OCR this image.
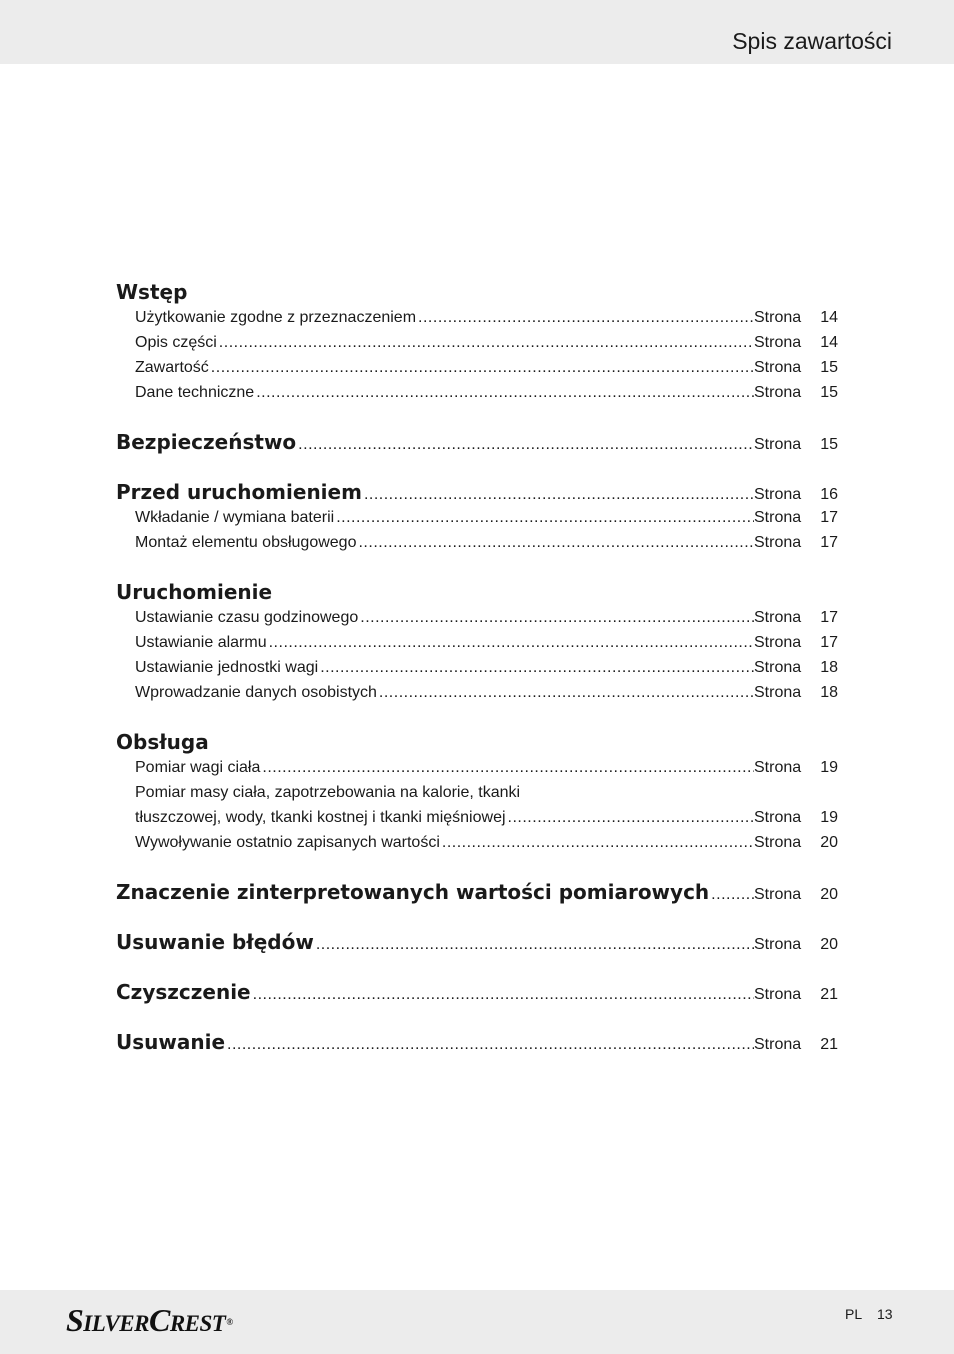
Spis zawartości
Wstęp
Użytkowanie zgodne z przeznaczeniem .....	Strona	14
Opis części .....	Strona	14
Zawartość .....	Strona	15
Dane techniczne .....	Strona	15
Bezpieczeństwo .....	Strona	15
Przed uruchomieniem .....	Strona	16
Wkładanie / wymiana baterii .....	Strona	17
Montaż elementu obsługowego .....	Strona	17
Uruchomienie
Ustawianie czasu godzinowego .....	Strona	17
Ustawianie alarmu .....	Strona	17
Ustawianie jednostki wagi .....	Strona	18
Wprowadzanie danych osobistych .....	Strona	18
Obsługa
Pomiar wagi ciała .....	Strona	19
Pomiar masy ciała, zapotrzebowania na kalorie, tkanki
tłuszczowej, wody, tkanki kostnej i tkanki mięśniowej .....	Strona	19
Wywoływanie ostatnio zapisanych wartości .....	Strona	20
Znaczenie zinterpretowanych wartości pomiarowych .....	Strona	20
Usuwanie błędów .....	Strona	20
Czyszczenie .....	Strona	21
Usuwanie .....	Strona	21
SILVERCREST®	PL 13
